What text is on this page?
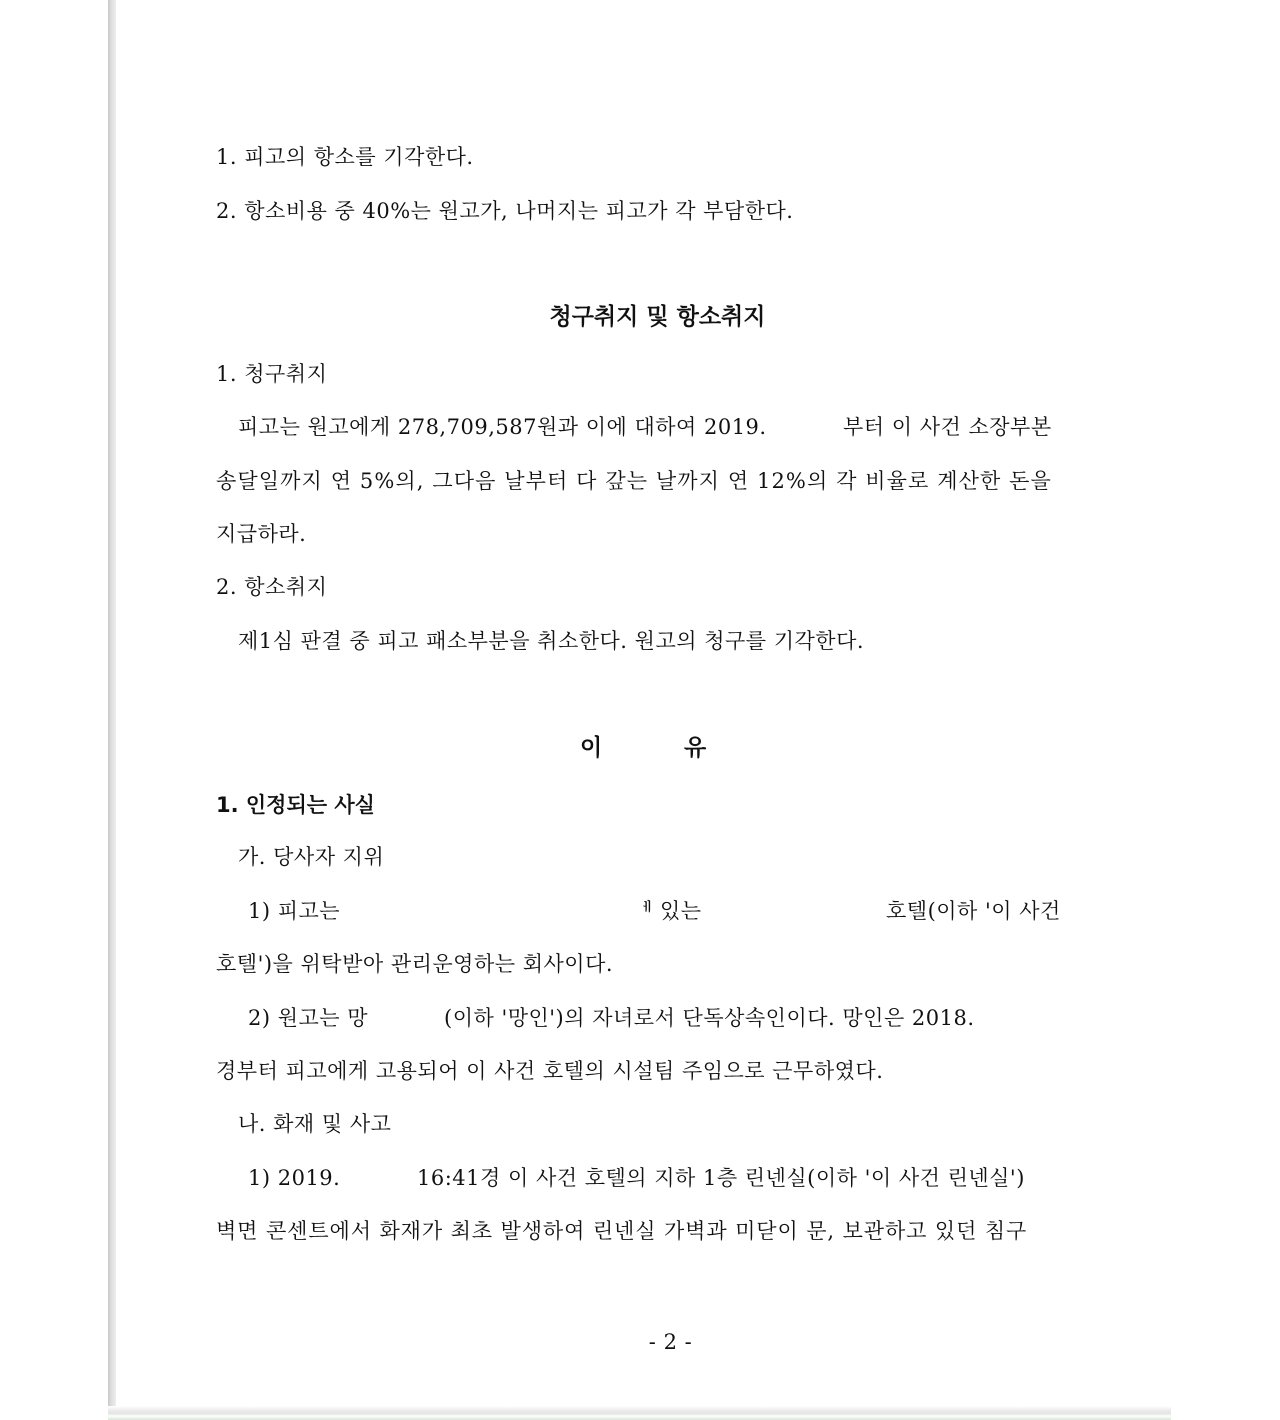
1. 피고의 항소를 기각한다.
2. 항소비용 중 40%는 원고가, 나머지는 피고가 각 부담한다.
청구취지 및 항소취지
1. 청구취지
피고는 원고에게 278,709,587원과 이에 대하여 2019.	부터 이 사건 소장부본
송달일까지 연 5%의, 그다음 날부터 다 갚는 날까지 연 12%의 각 비율로 계산한 돈을
지급하라.
2. 항소취지
제1심 판결 중 피고 패소부분을 취소한다. 원고의 청구를 기각한다.
이	유
1. 인정되는 사실
가. 당사자 지위
1) 피고는	ᅦ 있는	호텔(이하 '이 사건
호텔')을 위탁받아 관리운영하는 회사이다.
2) 원고는 망	(이하 '망인')의 자녀로서 단독상속인이다. 망인은 2018.
경부터 피고에게 고용되어 이 사건 호텔의 시설팀 주임으로 근무하였다.
나. 화재 및 사고
1) 2019.	16:41경 이 사건 호텔의 지하 1층 린넨실(이하 '이 사건 린넨실')
벽면 콘센트에서 화재가 최초 발생하여 린넨실 가벽과 미닫이 문, 보관하고 있던 침구
- 2 -
